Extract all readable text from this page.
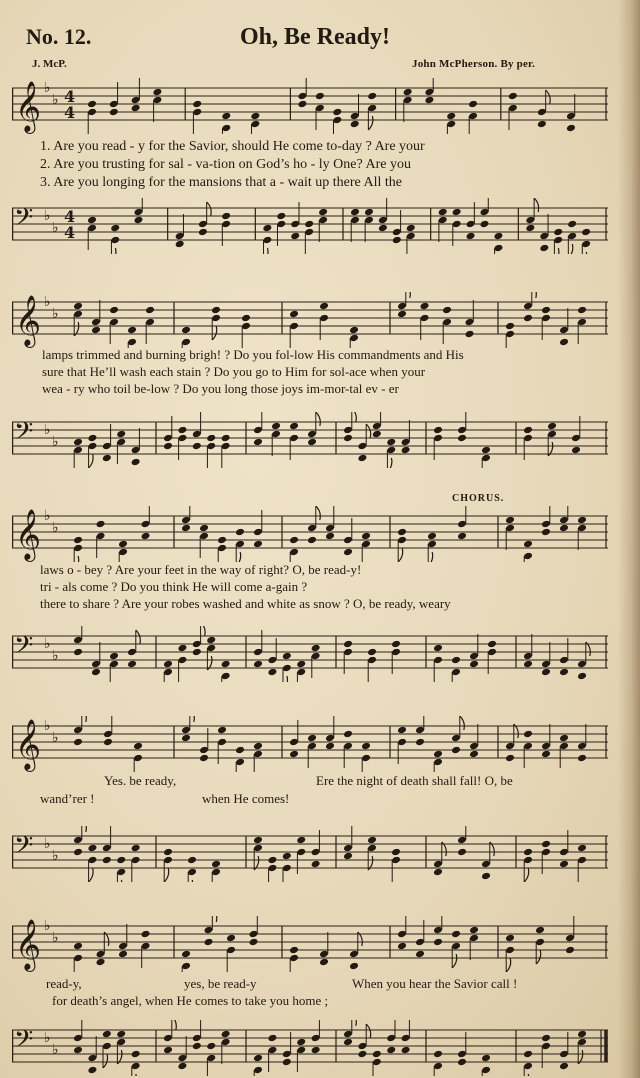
No. 12.	Oh, Be Ready!
J. McP.	John McPherson. By per.
𝄞 ♭
♭ 4
4
𝄢 ♭
♭
4
4
𝄞 ♭
♭
𝄢 ♭
♭
𝄞 ♭
♭
𝄢 ♭
♭
𝄞 ♭
♭
𝄢 ♭
♭
𝄞 ♭
♭
𝄢 ♭
♭
CHORUS.
1. Are you read - y for the Savior, should He come to-day ? Are your
2. Are you trusting for sal - va-tion on God’s ho - ly One? Are you
3. Are you longing for the mansions that a - wait up there All the
lamps trimmed and burning brigh! ? Do you fol-low His commandments and His
sure that He’ll wash each stain ? Do you go to Him for sol-ace when your
wea - ry who toil be-low ? Do you long those joys im-mor-tal ev - er
laws o - bey ? Are your feet in the way of right? O, be read-y!
tri - als come ? Do you think He will come a-gain ?
there to share ? Are your robes washed and white as snow ? O, be ready, weary
Yes. be ready,	Ere the night of death shall fall! O, be
wand’rer !	when He comes!
read-y,	yes, be read-y	When you hear the Savior call !
for death’s angel, when He comes to take you home ;
